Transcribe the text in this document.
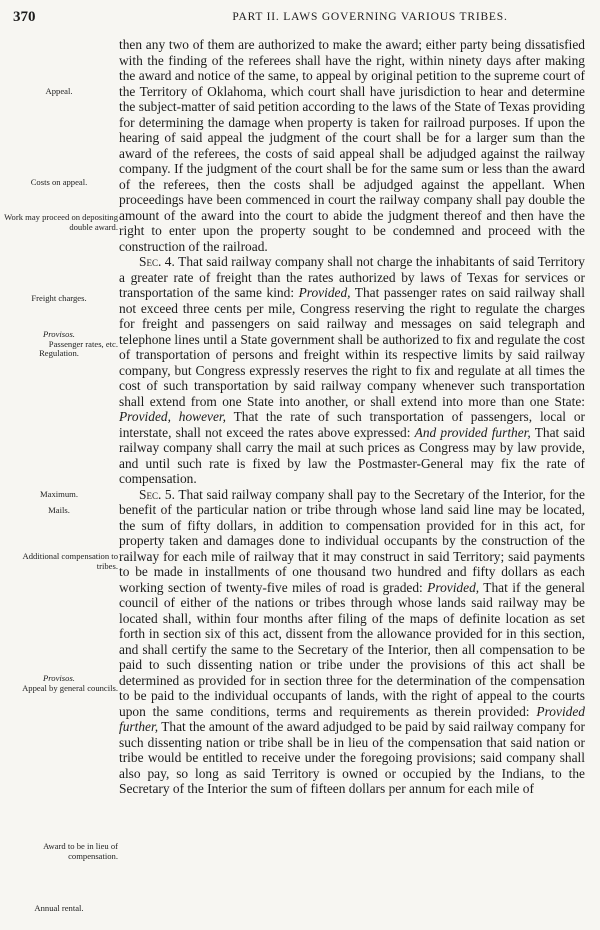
370	PART II. LAWS GOVERNING VARIOUS TRIBES.
Appeal.
Costs on appeal.
Work may proceed on depositing double award.
Freight charges.
Provisos.
Passenger rates, etc.
Regulation.
Maximum.
Mails.
Additional compensation to tribes.
Provisos.
Appeal by general councils.
Award to be in lieu of compensation.
Annual rental.

then any two of them are authorized to make the award; either party being dissatisfied with the finding of the referees shall have the right, within ninety days after making the award and notice of the same, to appeal by original petition to the supreme court of the Territory of Oklahoma, which court shall have jurisdiction to hear and determine the subject-matter of said petition according to the laws of the State of Texas providing for determining the damage when property is taken for railroad purposes. If upon the hearing of said appeal the judgment of the court shall be for a larger sum than the award of the referees, the costs of said appeal shall be adjudged against the railway company. If the judgment of the court shall be for the same sum or less than the award of the referees, then the costs shall be adjudged against the appellant. When proceedings have been commenced in court the railway company shall pay double the amount of the award into the court to abide the judgment thereof and then have the right to enter upon the property sought to be condemned and proceed with the construction of the railroad.

Sec. 4. That said railway company shall not charge the inhabitants of said Territory a greater rate of freight than the rates authorized by laws of Texas for services or transportation of the same kind: Provided, That passenger rates on said railway shall not exceed three cents per mile, Congress reserving the right to regulate the charges for freight and passengers on said railway and messages on said telegraph and telephone lines until a State government shall be authorized to fix and regulate the cost of transportation of persons and freight within its respective limits by said railway company, but Congress expressly reserves the right to fix and regulate at all times the cost of such transportation by said railway company whenever such transportation shall extend from one State into another, or shall extend into more than one State: Provided, however, That the rate of such transportation of passengers, local or interstate, shall not exceed the rates above expressed: And provided further, That said railway company shall carry the mail at such prices as Congress may by law provide, and until such rate is fixed by law the Postmaster-General may fix the rate of compensation.

Sec. 5. That said railway company shall pay to the Secretary of the Interior, for the benefit of the particular nation or tribe through whose land said line may be located, the sum of fifty dollars, in addition to compensation provided for in this act, for property taken and damages done to individual occupants by the construction of the railway for each mile of railway that it may construct in said Territory; said payments to be made in installments of one thousand two hundred and fifty dollars as each working section of twenty-five miles of road is graded: Provided, That if the general council of either of the nations or tribes through whose lands said railway may be located shall, within four months after filing of the maps of definite location as set forth in section six of this act, dissent from the allowance provided for in this section, and shall certify the same to the Secretary of the Interior, then all compensation to be paid to such dissenting nation or tribe under the provisions of this act shall be determined as provided for in section three for the determination of the compensation to be paid to the individual occupants of lands, with the right of appeal to the courts upon the same conditions, terms and requirements as therein provided: Provided further, That the amount of the award adjudged to be paid by said railway company for such dissenting nation or tribe shall be in lieu of the compensation that said nation or tribe would be entitled to receive under the foregoing provisions; said company shall also pay, so long as said Territory is owned or occupied by the Indians, to the Secretary of the Interior the sum of fifteen dollars per annum for each mile of
